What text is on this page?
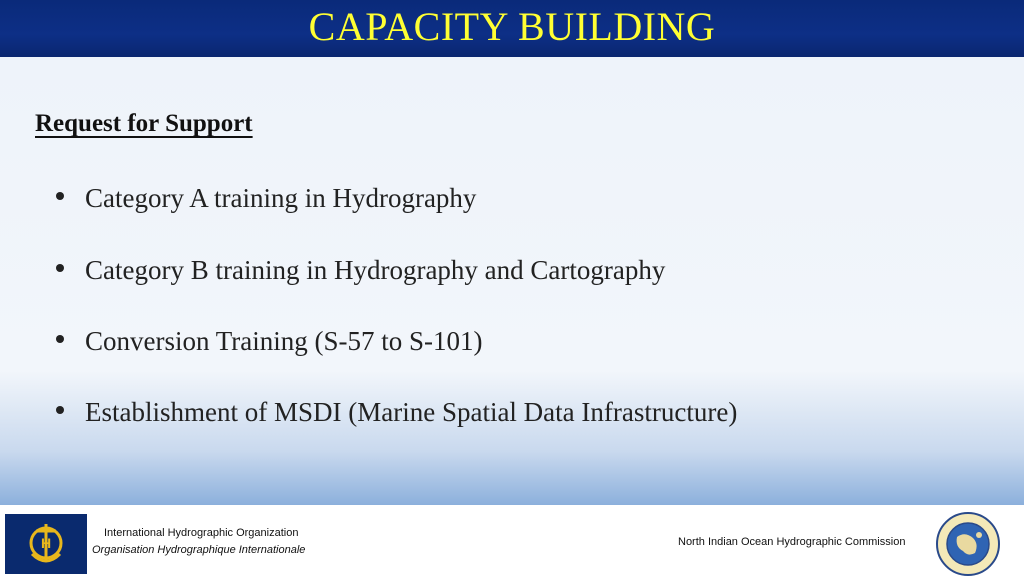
CAPACITY BUILDING
Request for Support
Category A training in Hydrography
Category B training in Hydrography and Cartography
Conversion Training (S-57 to S-101)
Establishment of MSDI (Marine Spatial Data Infrastructure)
H
International Hydrographic Organization
Organisation Hydrographique Internationale
North Indian Ocean Hydrographic Commission
